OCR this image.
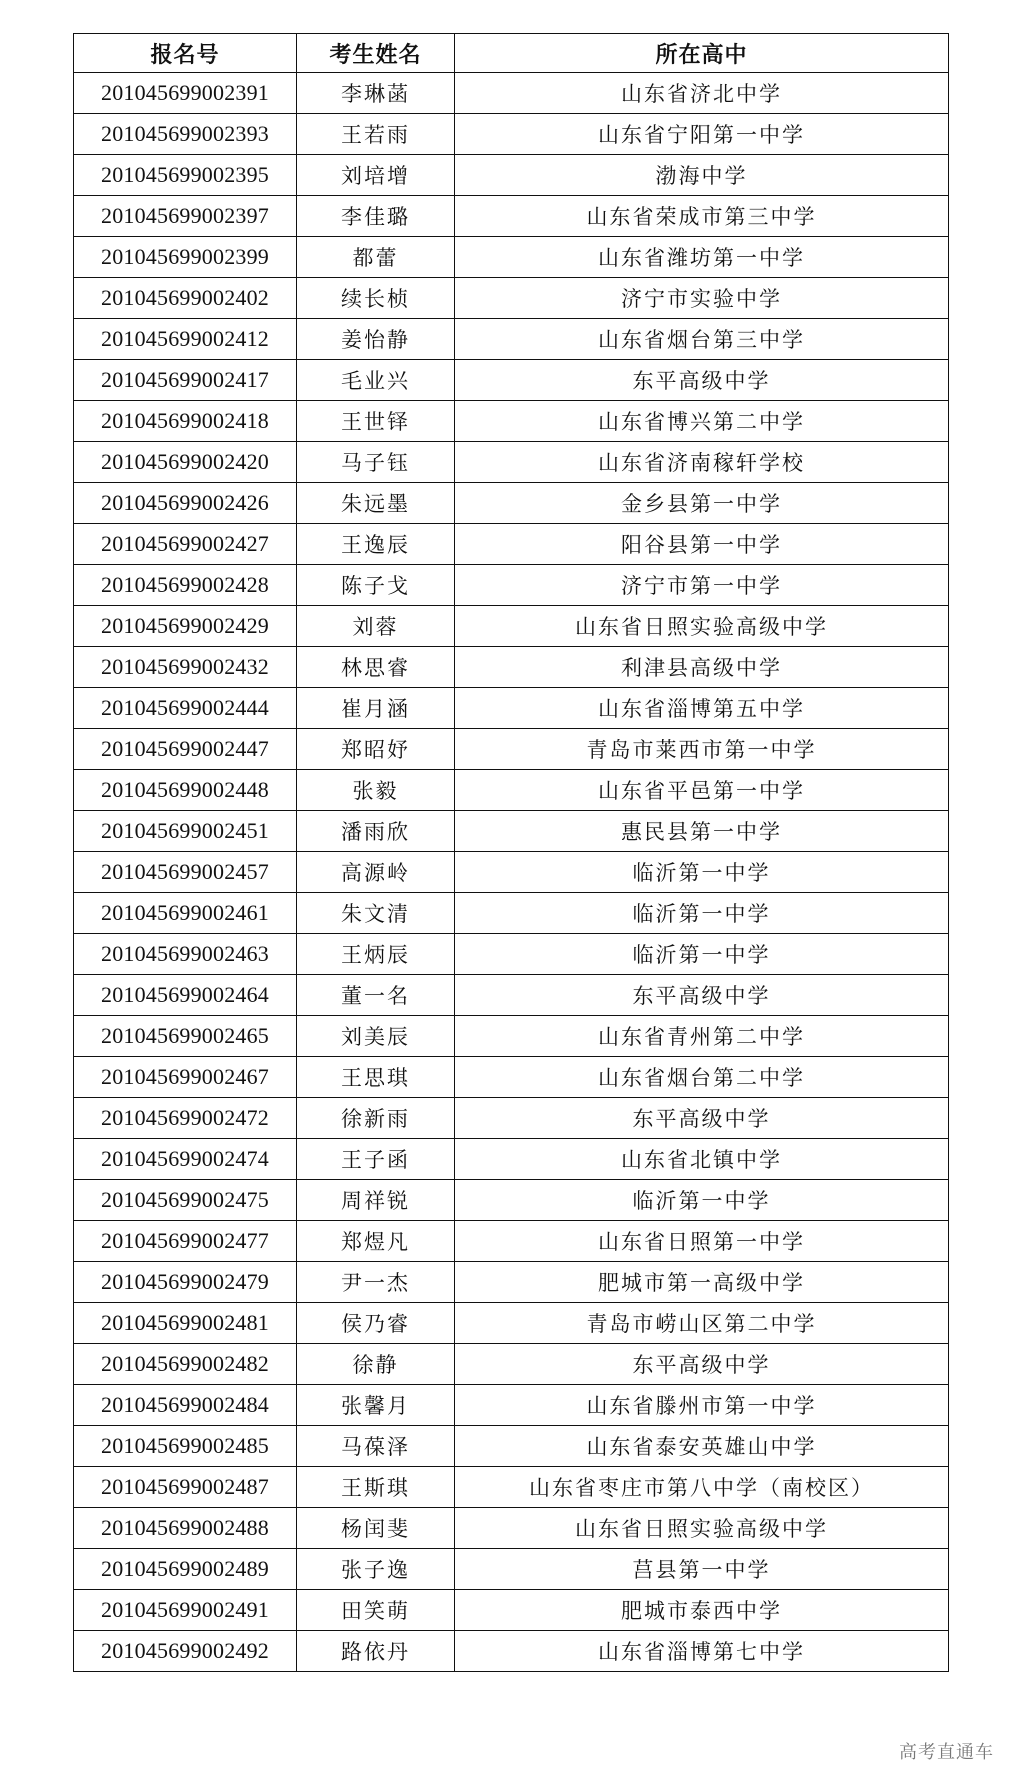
报名号	考生姓名	所在高中
201045699002391	李琳菡	山东省济北中学
201045699002393	王若雨	山东省宁阳第一中学
201045699002395	刘培增	渤海中学
201045699002397	李佳璐	山东省荣成市第三中学
201045699002399	都蕾	山东省潍坊第一中学
201045699002402	续长桢	济宁市实验中学
201045699002412	姜怡静	山东省烟台第三中学
201045699002417	毛业兴	东平高级中学
201045699002418	王世铎	山东省博兴第二中学
201045699002420	马子钰	山东省济南稼轩学校
201045699002426	朱远墨	金乡县第一中学
201045699002427	王逸辰	阳谷县第一中学
201045699002428	陈子戈	济宁市第一中学
201045699002429	刘蓉	山东省日照实验高级中学
201045699002432	林思睿	利津县高级中学
201045699002444	崔月涵	山东省淄博第五中学
201045699002447	郑昭妤	青岛市莱西市第一中学
201045699002448	张毅	山东省平邑第一中学
201045699002451	潘雨欣	惠民县第一中学
201045699002457	高源岭	临沂第一中学
201045699002461	朱文清	临沂第一中学
201045699002463	王炳辰	临沂第一中学
201045699002464	董一名	东平高级中学
201045699002465	刘美辰	山东省青州第二中学
201045699002467	王思琪	山东省烟台第二中学
201045699002472	徐新雨	东平高级中学
201045699002474	王子函	山东省北镇中学
201045699002475	周祥锐	临沂第一中学
201045699002477	郑煜凡	山东省日照第一中学
201045699002479	尹一杰	肥城市第一高级中学
201045699002481	侯乃睿	青岛市崂山区第二中学
201045699002482	徐静	东平高级中学
201045699002484	张馨月	山东省滕州市第一中学
201045699002485	马葆泽	山东省泰安英雄山中学
201045699002487	王斯琪	山东省枣庄市第八中学（南校区）
201045699002488	杨闰斐	山东省日照实验高级中学
201045699002489	张子逸	莒县第一中学
201045699002491	田笑萌	肥城市泰西中学
201045699002492	路依丹	山东省淄博第七中学
高考直通车
